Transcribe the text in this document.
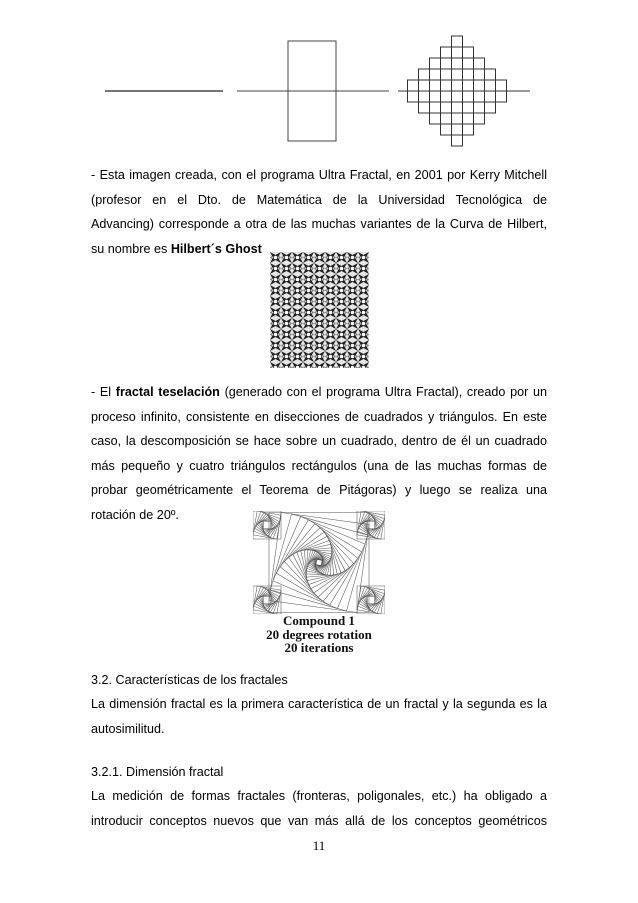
- Esta imagen creada, con el programa Ultra Fractal, en 2001 por Kerry Mitchell
(profesor en el Dto. de Matemática de la Universidad Tecnológica de
Advancing) corresponde a otra de las muchas variantes de la Curva de Hilbert,
su nombre es Hilbert´s Ghost
- El fractal teselación (generado con el programa Ultra Fractal), creado por un
proceso infinito, consistente en disecciones de cuadrados y triángulos. En este
caso, la descomposición se hace sobre un cuadrado, dentro de él un cuadrado
más pequeño y cuatro triángulos rectángulos (una de las muchas formas de
probar geométricamente el Teorema de Pitágoras) y luego se realiza una
rotación de 20º.
Compound 1
20 degrees rotation
20 iterations
3.2. Características de los fractales
La dimensión fractal es la primera característica de un fractal y la segunda es la
autosimilitud.
3.2.1. Dimensión fractal
La medición de formas fractales (fronteras, poligonales, etc.) ha obligado a
introducir conceptos nuevos que van más allá de los conceptos geométricos
11
